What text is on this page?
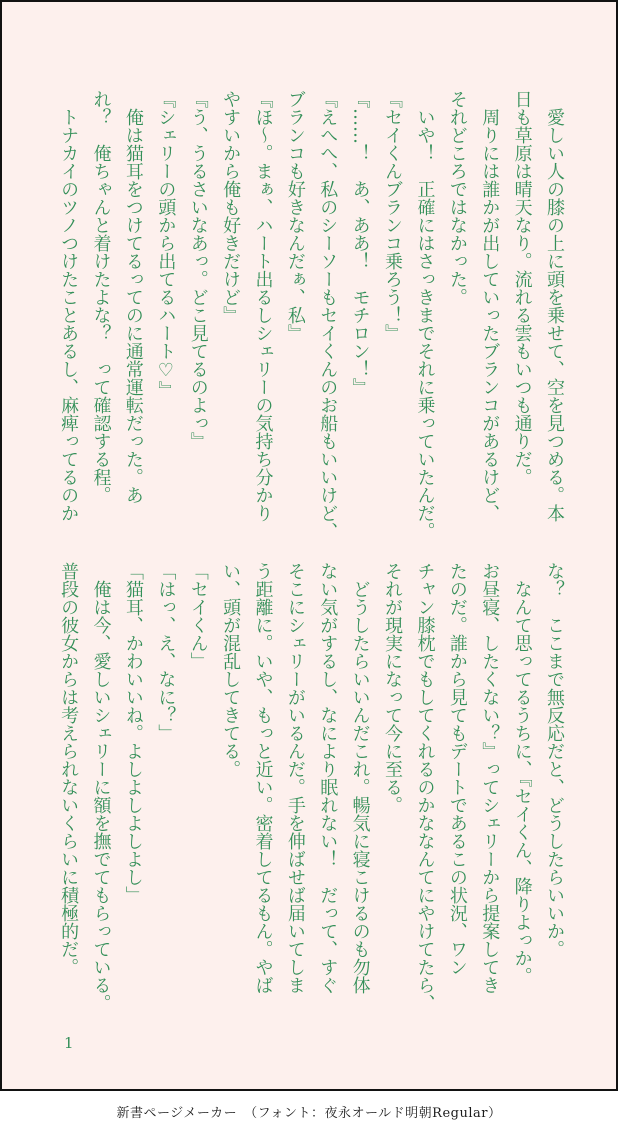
　愛しい人の膝の上に頭を乗せて、空を見つめる。本
日も草原は晴天なり。流れる雲もいつも通りだ。
　周りには誰かが出していったブランコがあるけど、
それどころではなかった。
　いや！　正確にはさっきまでそれに乗っていたんだ。
『セイくんブランコ乗ろう！』
『……！　あ、ああ！　モチロン！』
『えへへ、私のシーソーもセイくんのお船もいいけど、
ブランコも好きなんだぁ、私』
『ほ〜。まぁ、ハート出るしシェリーの気持ち分かり
やすいから俺も好きだけど』
『う、うるさいなあっ。どこ見てるのよっ』
『シェリーの頭から出てるハート♡』
　俺は猫耳をつけてるってのに通常運転だった。あ
れ？　俺ちゃんと着けたよな？　って確認する程。
　トナカイのツノつけたことあるし、麻痺ってるのか
な？　ここまで無反応だと、どうしたらいいか。
　なんて思ってるうちに、『セイくん、降りよっか。
お昼寝、したくない？』ってシェリーから提案してき
たのだ。誰から見てもデートであるこの状況、ワン
チャン膝枕でもしてくれるのかななんてにやけてたら、
それが現実になって今に至る。
　どうしたらいいんだこれ。暢気に寝こけるのも勿体
ない気がするし、なにより眠れない！　だって、すぐ
そこにシェリーがいるんだ。手を伸ばせば届いてしま
う距離に。いや、もっと近い。密着してるもん。やば
い、頭が混乱してきてる。
「セイくん」
「はっ、え、なに？」
「猫耳、かわいいね。よしよしよしよし」
　俺は今、愛しいシェリーに額を撫でてもらっている。
普段の彼女からは考えられないくらいに積極的だ。
1
新書ページメーカー　（フォント：夜永オールド明朝Regular）
